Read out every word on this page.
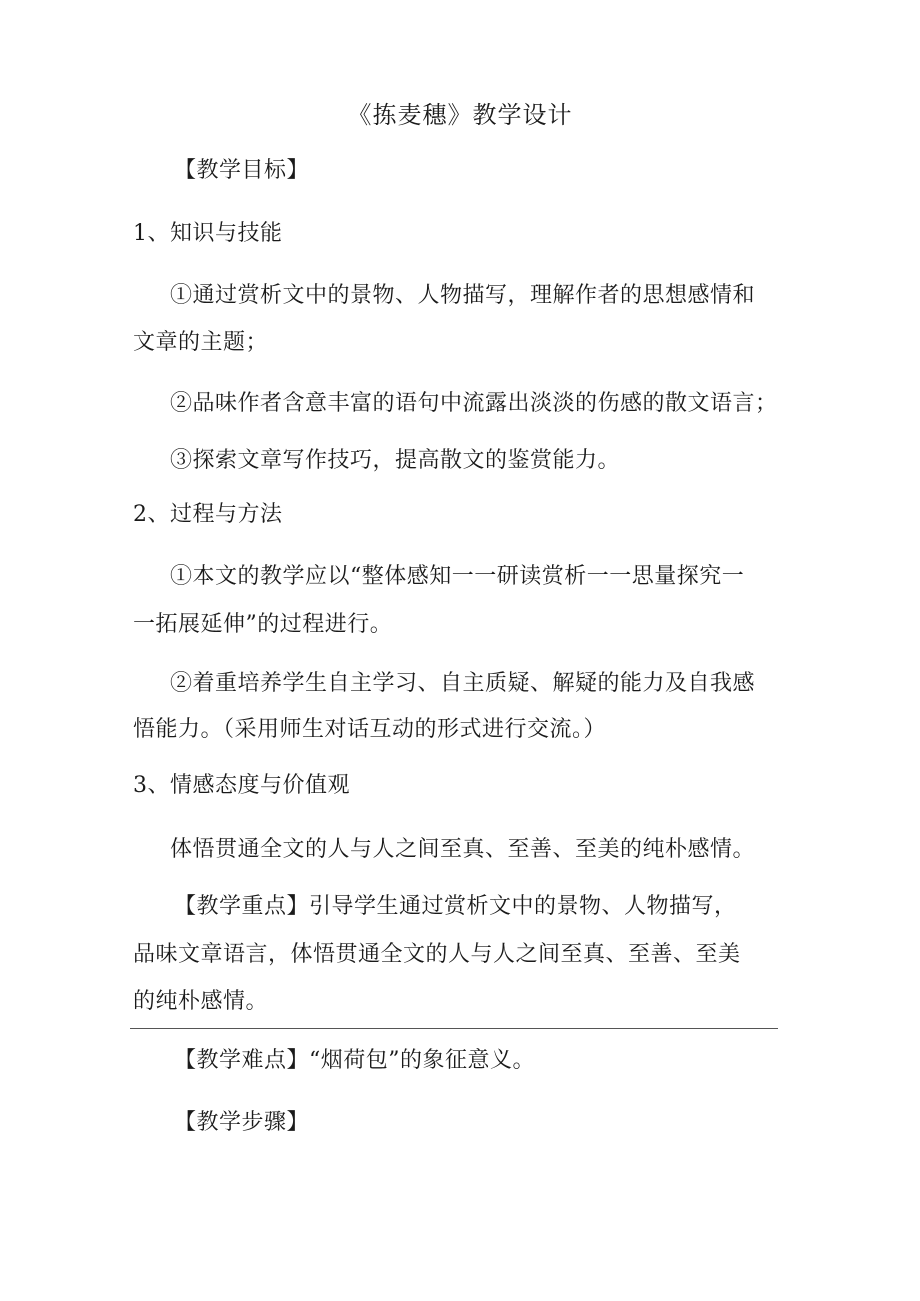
《拣麦穗》教学设计
【教学目标】
1、知识与技能
①通过赏析文中的景物、人物描写，理解作者的思想感情和
文章的主题；
②品味作者含意丰富的语句中流露出淡淡的伤感的散文语言；
③探索文章写作技巧，提高散文的鉴赏能力。
2、过程与方法
①本文的教学应以“整体感知一一研读赏析一一思量探究一
一拓展延伸”的过程进行。
②着重培养学生自主学习、自主质疑、解疑的能力及自我感
悟能力。（采用师生对话互动的形式进行交流。）
3、情感态度与价值观
体悟贯通全文的人与人之间至真、至善、至美的纯朴感情。
【教学重点】引导学生通过赏析文中的景物、人物描写，
品味文章语言，体悟贯通全文的人与人之间至真、至善、至美
的纯朴感情。
【教学难点】“烟荷包”的象征意义。
【教学步骤】
